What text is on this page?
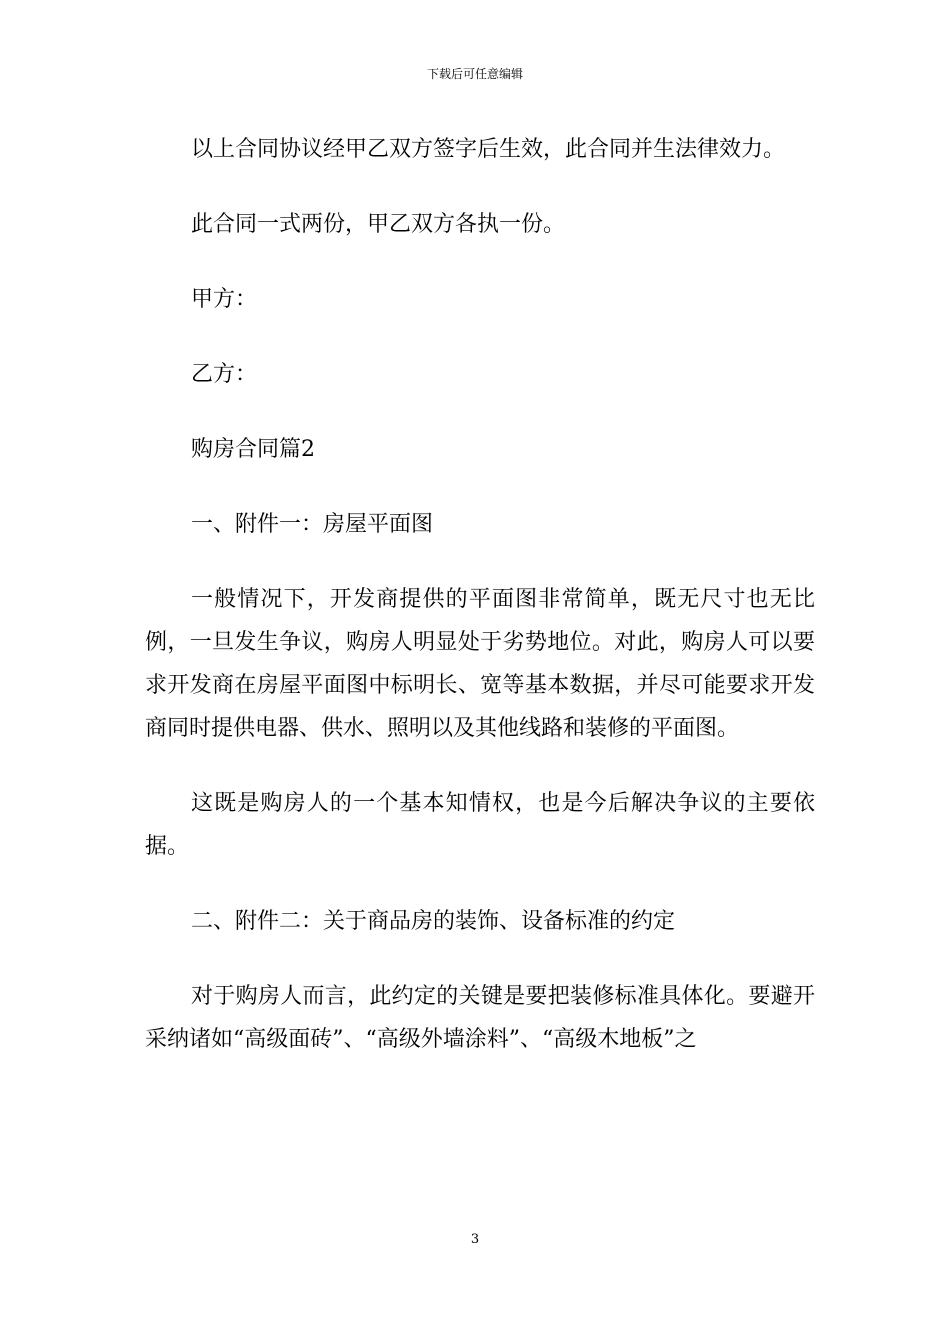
下载后可任意编辑

以上合同协议经甲乙双方签字后生效，此合同并生法律效力。

此合同一式两份，甲乙双方各执一份。

甲方：

乙方：

购房合同篇2

一、附件一：房屋平面图

一般情况下，开发商提供的平面图非常简单，既无尺寸也无比例，一旦发生争议，购房人明显处于劣势地位。对此，购房人可以要求开发商在房屋平面图中标明长、宽等基本数据，并尽可能要求开发商同时提供电器、供水、照明以及其他线路和装修的平面图。

这既是购房人的一个基本知情权，也是今后解决争议的主要依据。

二、附件二：关于商品房的装饰、设备标准的约定

对于购房人而言，此约定的关键是要把装修标准具体化。要避开采纳诸如“高级面砖”、“高级外墙涂料”、“高级木地板”之

3
